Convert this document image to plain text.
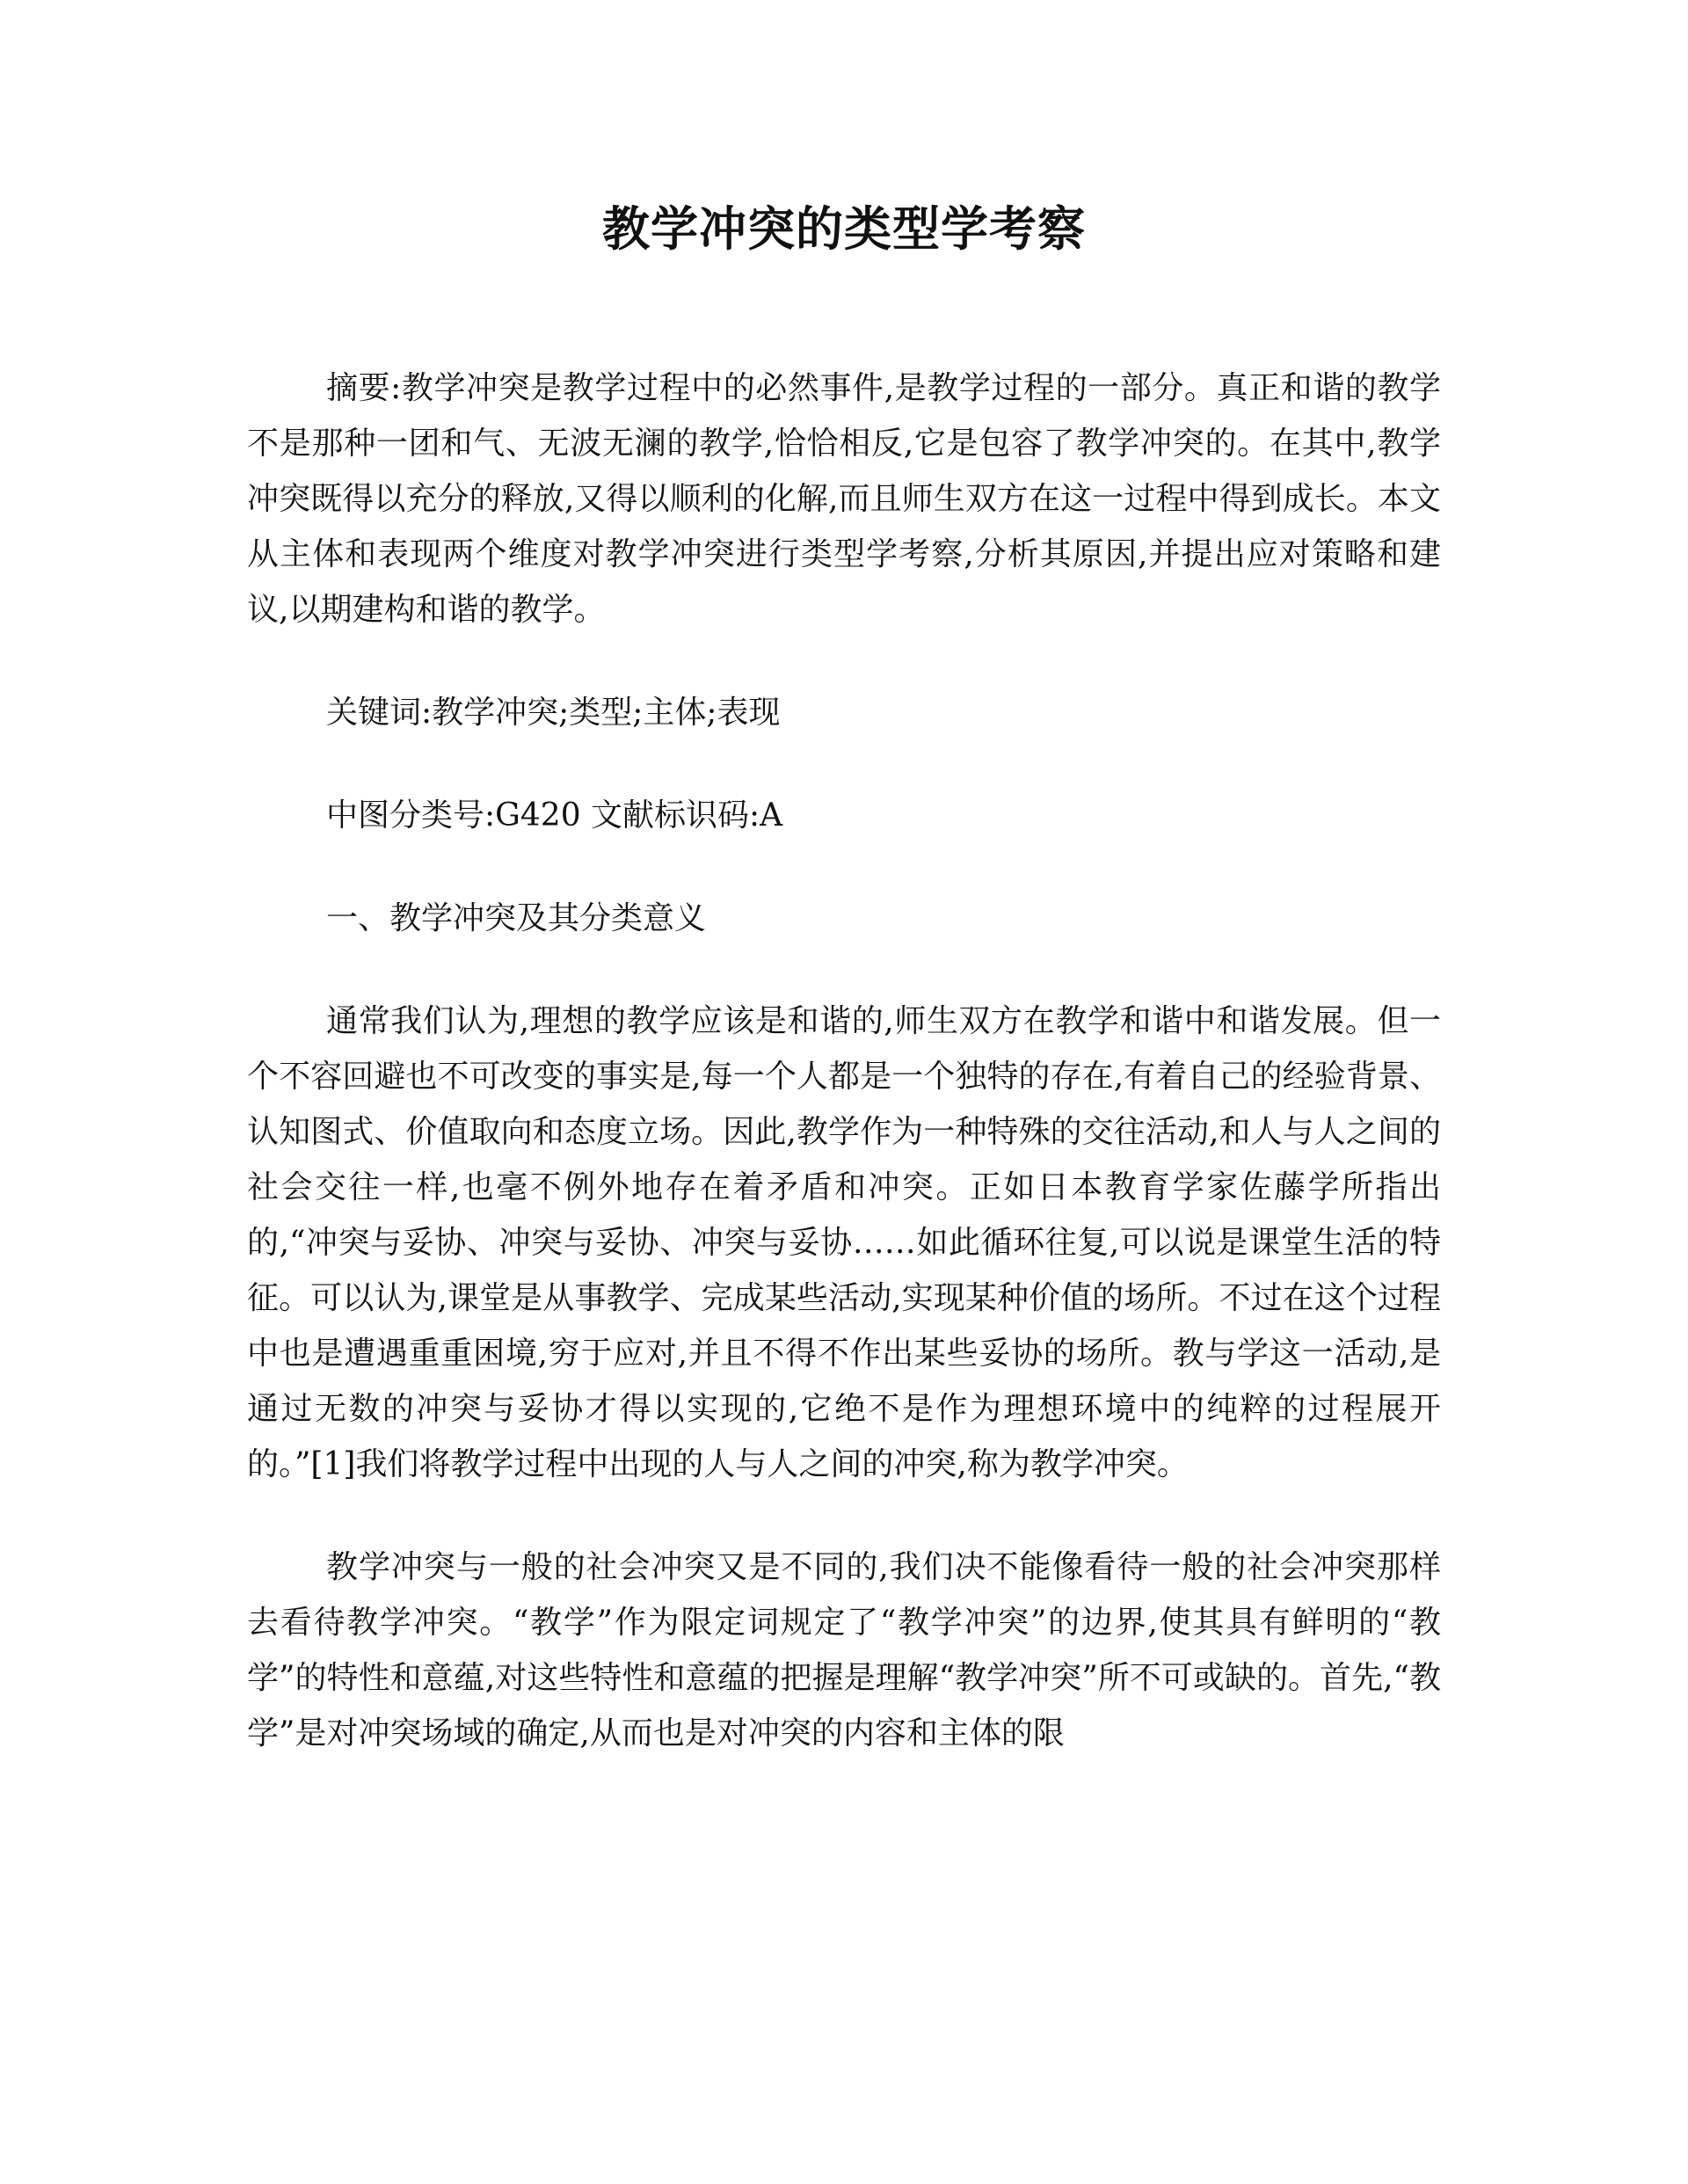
教学冲突的类型学考察

摘要:教学冲突是教学过程中的必然事件,是教学过程的一部分。真正和谐的教学不是那种一团和气、无波无澜的教学,恰恰相反,它是包容了教学冲突的。在其中,教学冲突既得以充分的释放,又得以顺利的化解,而且师生双方在这一过程中得到成长。本文从主体和表现两个维度对教学冲突进行类型学考察,分析其原因,并提出应对策略和建议,以期建构和谐的教学。

关键词:教学冲突;类型;主体;表现

中图分类号:G420 文献标识码:A

一、教学冲突及其分类意义

通常我们认为,理想的教学应该是和谐的,师生双方在教学和谐中和谐发展。但一个不容回避也不可改变的事实是,每一个人都是一个独特的存在,有着自己的经验背景、认知图式、价值取向和态度立场。因此,教学作为一种特殊的交往活动,和人与人之间的社会交往一样,也毫不例外地存在着矛盾和冲突。正如日本教育学家佐藤学所指出的,“冲突与妥协、冲突与妥协、冲突与妥协……如此循环往复,可以说是课堂生活的特征。可以认为,课堂是从事教学、完成某些活动,实现某种价值的场所。不过在这个过程中也是遭遇重重困境,穷于应对,并且不得不作出某些妥协的场所。教与学这一活动,是通过无数的冲突与妥协才得以实现的,它绝不是作为理想环境中的纯粹的过程展开的。”[1]我们将教学过程中出现的人与人之间的冲突,称为教学冲突。

教学冲突与一般的社会冲突又是不同的,我们决不能像看待一般的社会冲突那样去看待教学冲突。“教学”作为限定词规定了“教学冲突”的边界,使其具有鲜明的“教学”的特性和意蕴,对这些特性和意蕴的把握是理解“教学冲突”所不可或缺的。首先,“教学”是对冲突场域的确定,从而也是对冲突的内容和主体的限
